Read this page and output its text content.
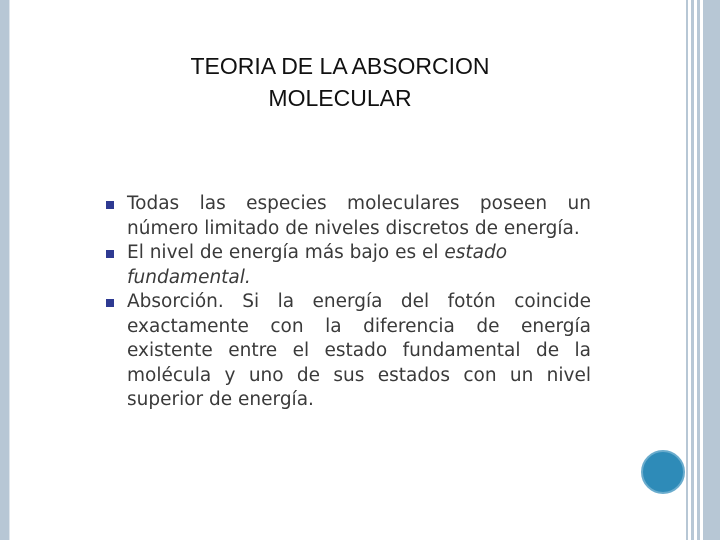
TEORIA DE LA ABSORCION
MOLECULAR

Todas las especies moleculares poseen un número limitado de niveles discretos de energía.

El nivel de energía más bajo es el estado fundamental.

Absorción. Si la energía del fotón coincide exactamente con la diferencia de energía existente entre el estado fundamental de la molécula y uno de sus estados con un nivel superior de energía.
